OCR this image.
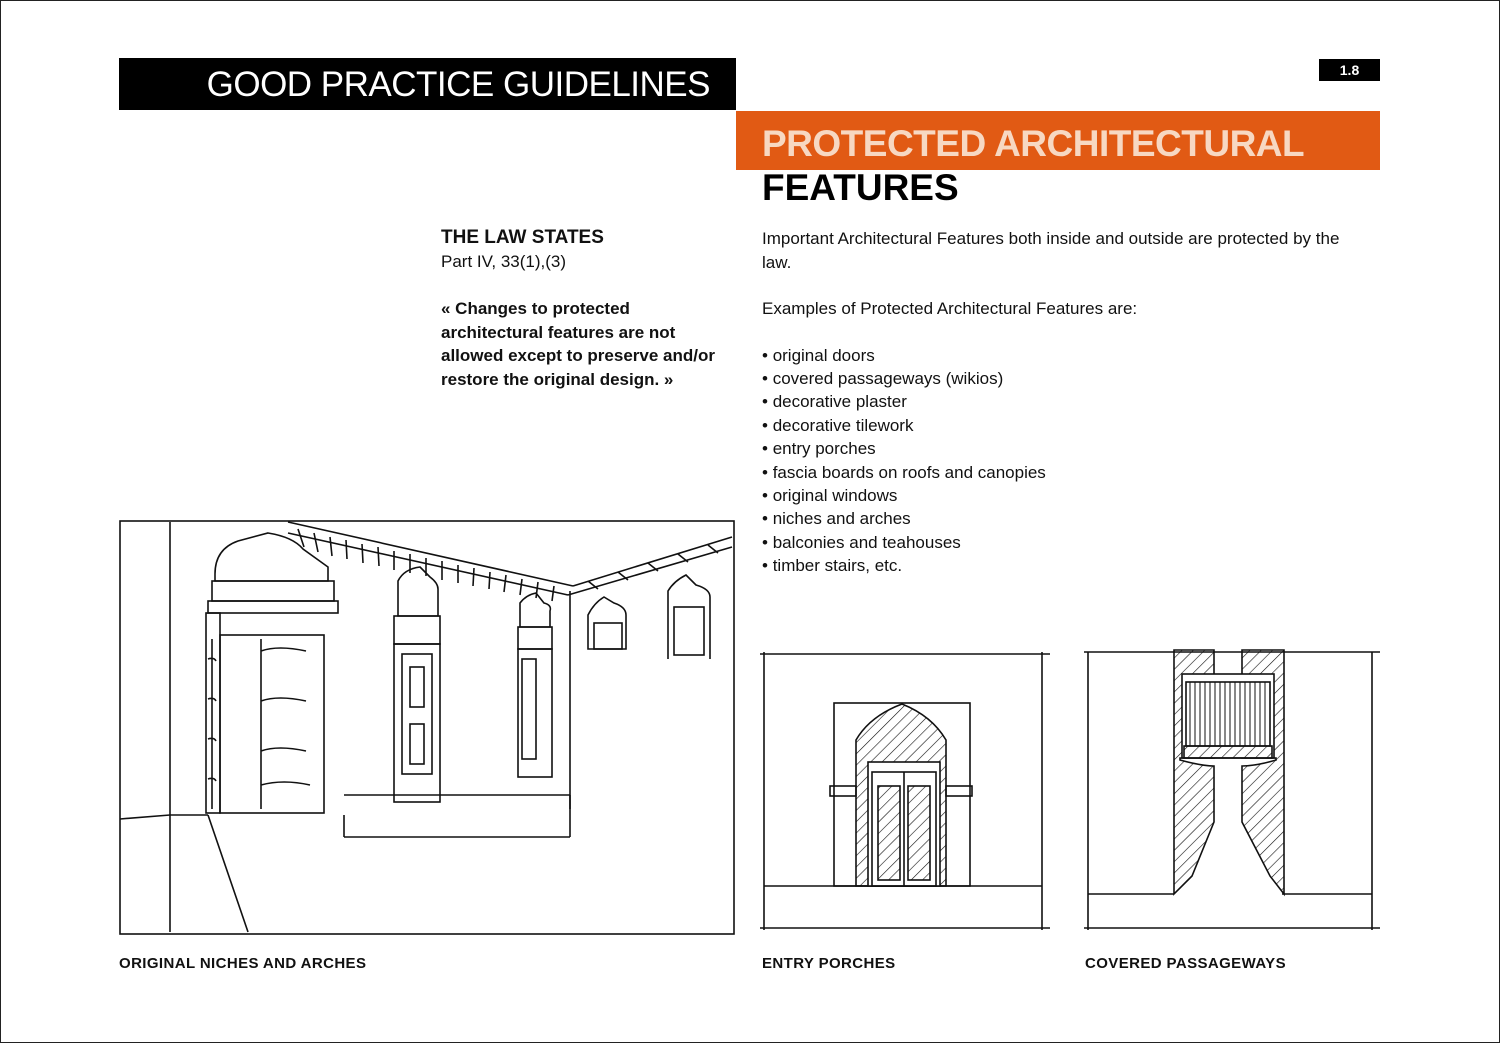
GOOD PRACTICE GUIDELINES	1.8
PROTECTED ARCHITECTURAL
FEATURES
THE LAW STATES
Part IV, 33(1),(3)
« Changes to protected architectural features are not allowed except to preserve and/or restore the original design. »

Important Architectural Features both inside and outside are protected by the law.

Examples of Protected Architectural Features are:

• original doors
• covered passageways (wikios)
• decorative plaster
• decorative tilework
• entry porches
• fascia boards on roofs and canopies
• original windows
• niches and arches
• balconies and teahouses
• timber stairs, etc.
ORIGINAL NICHES AND ARCHES	ENTRY PORCHES	COVERED PASSAGEWAYS
